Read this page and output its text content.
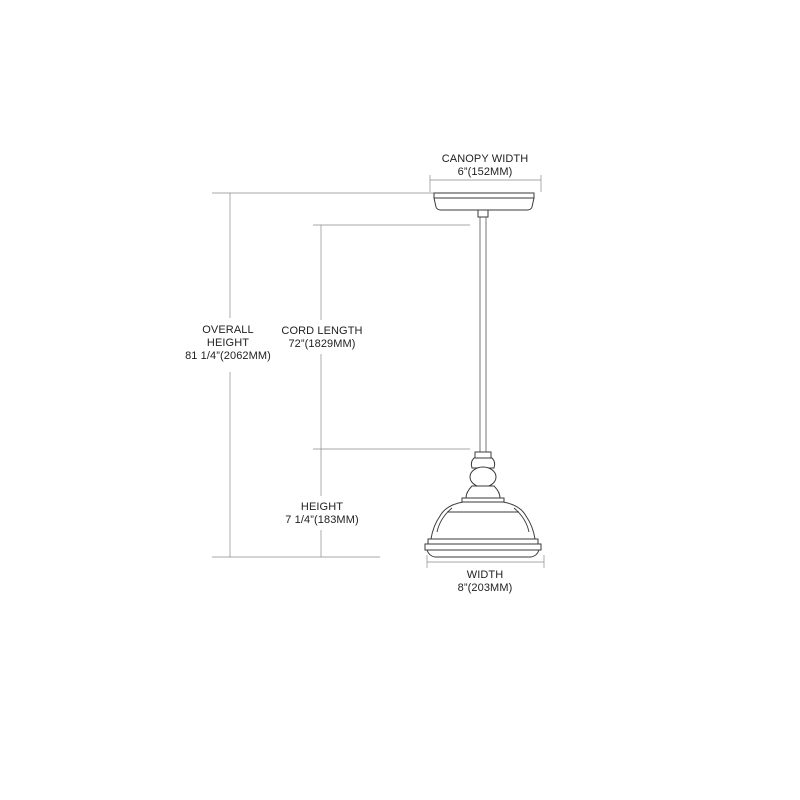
CANOPY WIDTH
6”(152MM)
OVERALL
HEIGHT
81 1/4”(2062MM)
CORD LENGTH
72”(1829MM)
HEIGHT
7 1/4”(183MM)
WIDTH
8”(203MM)
